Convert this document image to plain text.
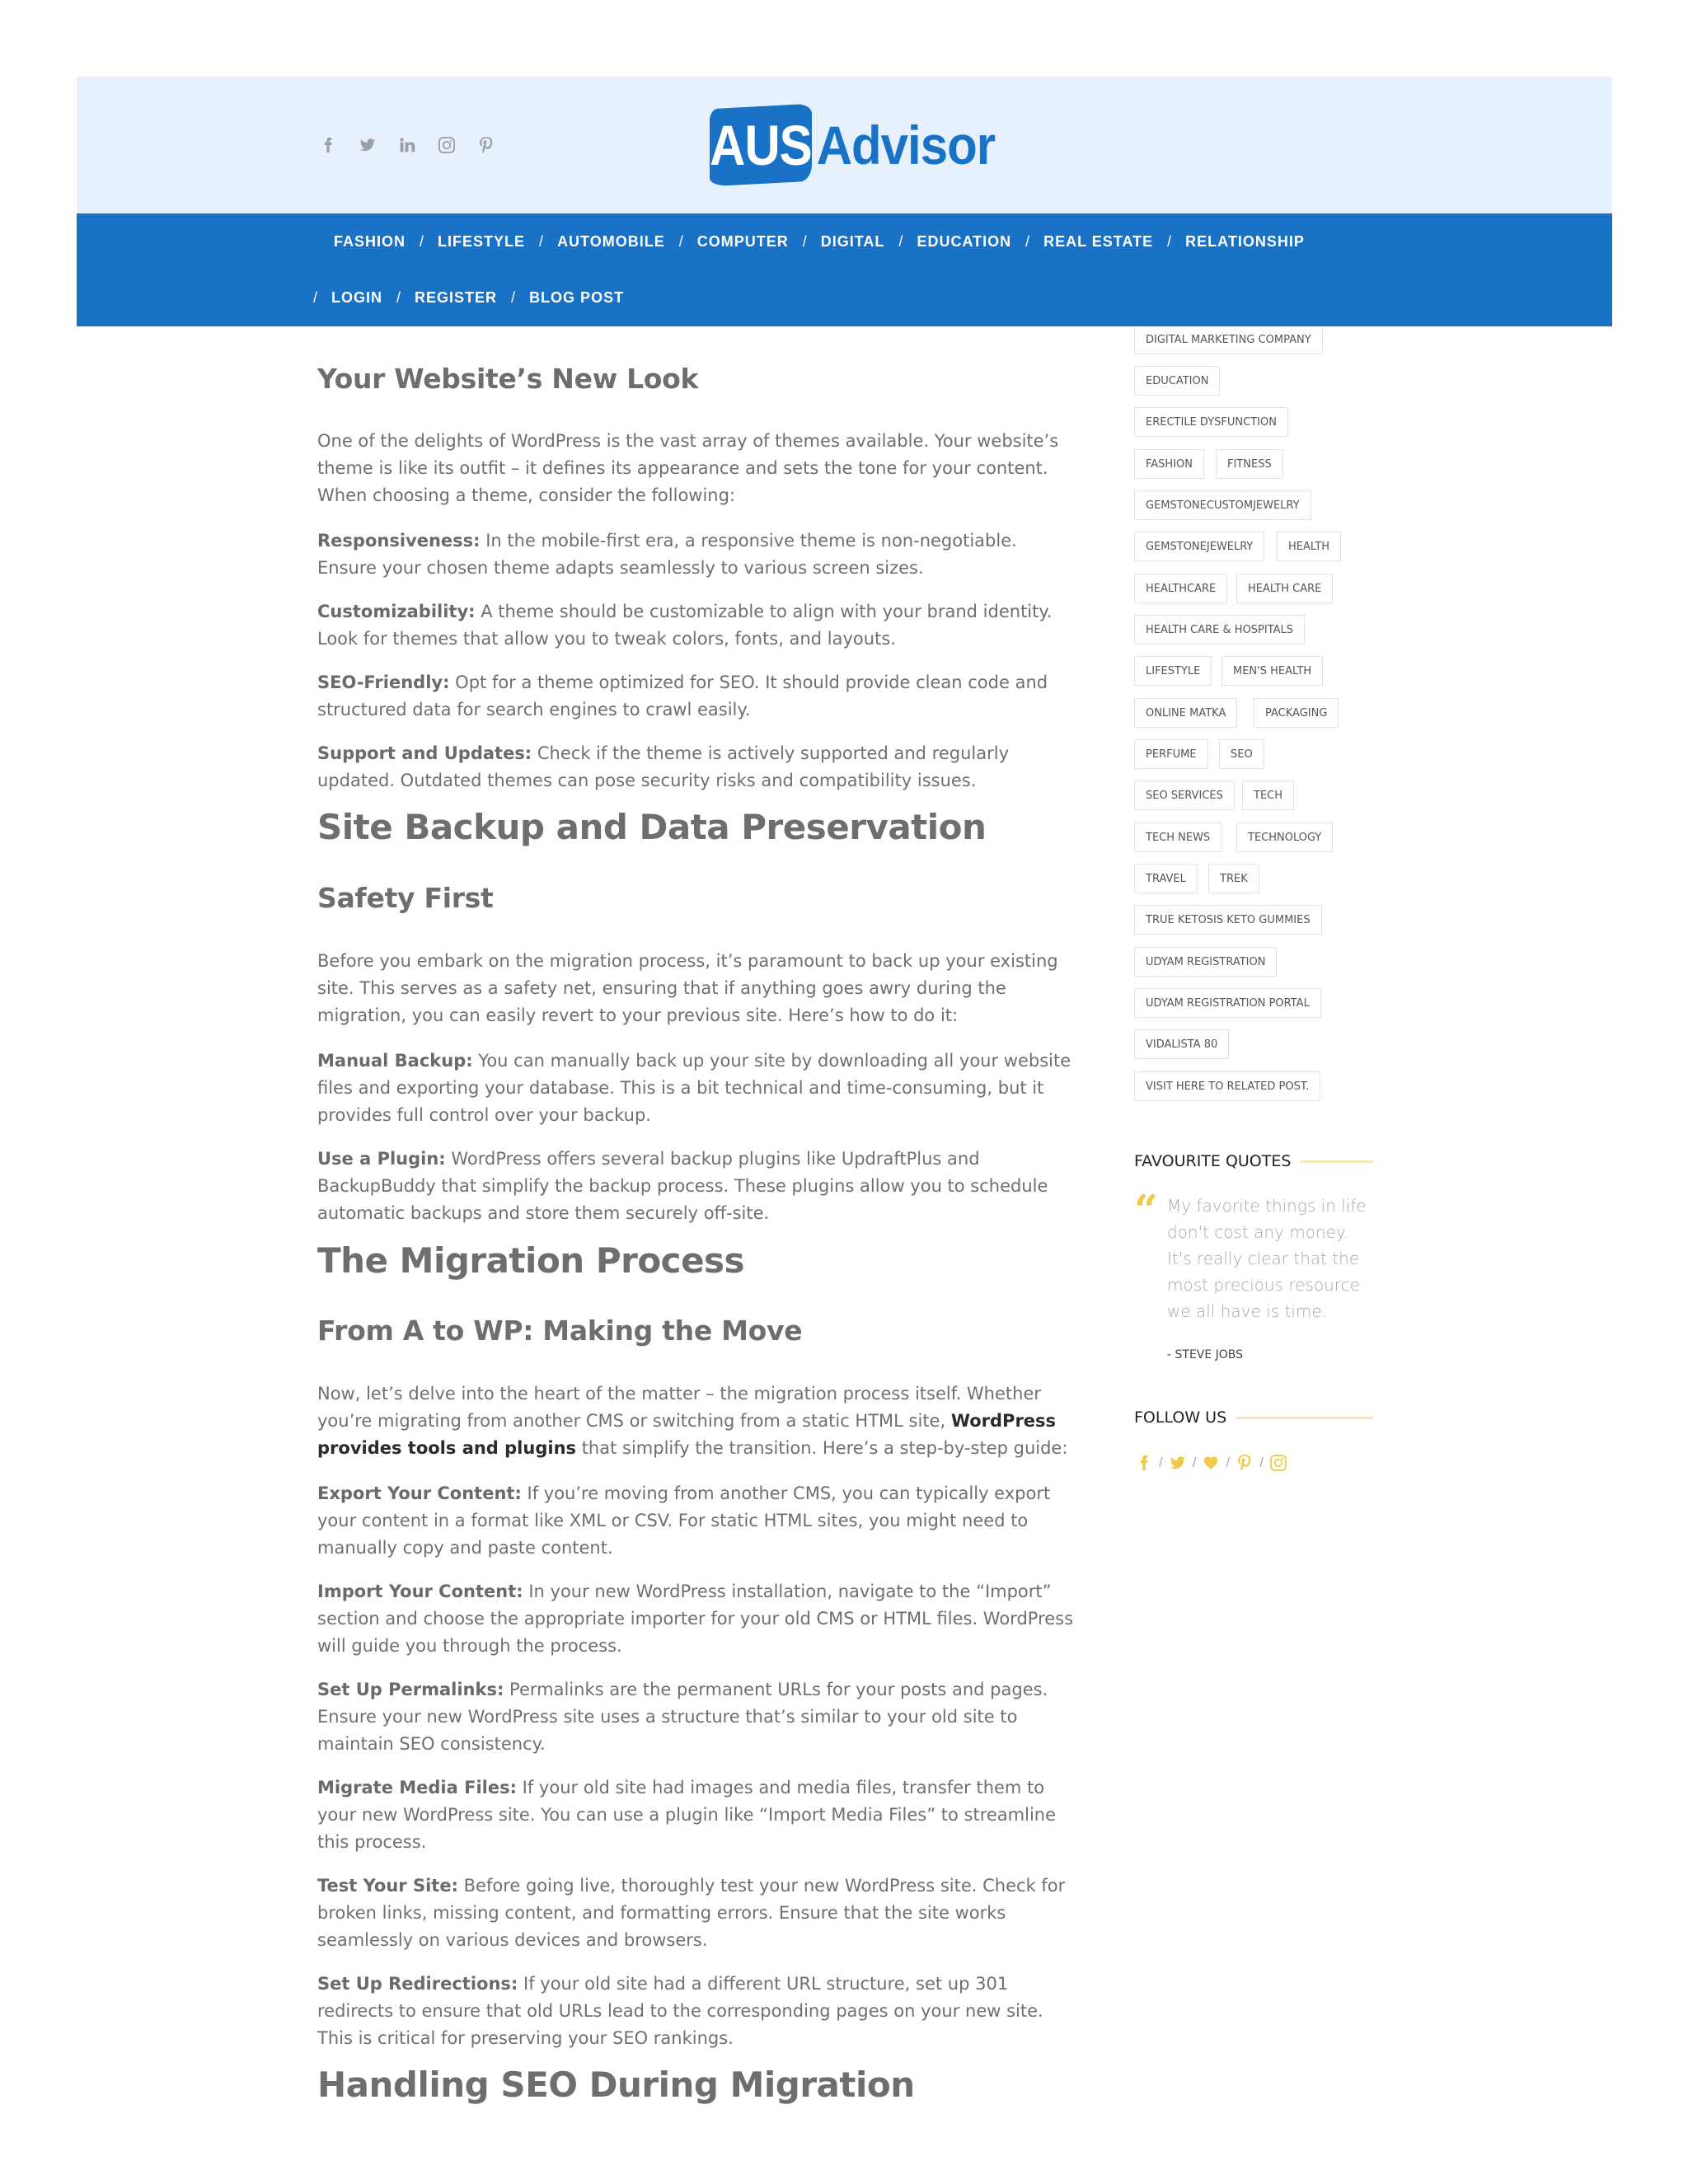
AUS Advisor
FASHION / LIFESTYLE / AUTOMOBILE / COMPUTER / DIGITAL / EDUCATION / REAL ESTATE / RELATIONSHIP
/ LOGIN / REGISTER / BLOG POST
Your Website’s New Look

One of the delights of WordPress is the vast array of themes available. Your website’s theme is like its outfit – it defines its appearance and sets the tone for your content. When choosing a theme, consider the following:

Responsiveness: In the mobile-first era, a responsive theme is non-negotiable. Ensure your chosen theme adapts seamlessly to various screen sizes.

Customizability: A theme should be customizable to align with your brand identity. Look for themes that allow you to tweak colors, fonts, and layouts.

SEO-Friendly: Opt for a theme optimized for SEO. It should provide clean code and structured data for search engines to crawl easily.

Support and Updates: Check if the theme is actively supported and regularly updated. Outdated themes can pose security risks and compatibility issues.

Site Backup and Data Preservation
Safety First

Before you embark on the migration process, it’s paramount to back up your existing site. This serves as a safety net, ensuring that if anything goes awry during the migration, you can easily revert to your previous site. Here’s how to do it:

Manual Backup: You can manually back up your site by downloading all your website files and exporting your database. This is a bit technical and time-consuming, but it provides full control over your backup.

Use a Plugin: WordPress offers several backup plugins like UpdraftPlus and BackupBuddy that simplify the backup process. These plugins allow you to schedule automatic backups and store them securely off-site.

The Migration Process
From A to WP: Making the Move

Now, let’s delve into the heart of the matter – the migration process itself. Whether you’re migrating from another CMS or switching from a static HTML site, WordPress provides tools and plugins that simplify the transition. Here’s a step-by-step guide:

Export Your Content: If you’re moving from another CMS, you can typically export your content in a format like XML or CSV. For static HTML sites, you might need to manually copy and paste content.

Import Your Content: In your new WordPress installation, navigate to the “Import” section and choose the appropriate importer for your old CMS or HTML files. WordPress will guide you through the process.

Set Up Permalinks: Permalinks are the permanent URLs for your posts and pages. Ensure your new WordPress site uses a structure that’s similar to your old site to maintain SEO consistency.

Migrate Media Files: If your old site had images and media files, transfer them to your new WordPress site. You can use a plugin like “Import Media Files” to streamline this process.

Test Your Site: Before going live, thoroughly test your new WordPress site. Check for broken links, missing content, and formatting errors. Ensure that the site works seamlessly on various devices and browsers.

Set Up Redirections: If your old site had a different URL structure, set up 301 redirects to ensure that old URLs lead to the corresponding pages on your new site. This is critical for preserving your SEO rankings.

Handling SEO During Migration
DIGITAL MARKETING COMPANY
EDUCATION
ERECTILE DYSFUNCTION
FASHION	FITNESS
GEMSTONECUSTOMJEWELRY
GEMSTONEJEWELRY	HEALTH
HEALTHCARE	HEALTH CARE
HEALTH CARE & HOSPITALS
LIFESTYLE	MEN'S HEALTH
ONLINE MATKA	PACKAGING
PERFUME	SEO
SEO SERVICES	TECH
TECH NEWS	TECHNOLOGY
TRAVEL	TREK
TRUE KETOSIS KETO GUMMIES
UDYAM REGISTRATION
UDYAM REGISTRATION PORTAL
VIDALISTA 80
VISIT HERE TO RELATED POST.
FAVOURITE QUOTES
“ My favorite things in life don't cost any money. It's really clear that the most precious resource we all have is time.

- STEVE JOBS

FOLLOW US
/ / / /
